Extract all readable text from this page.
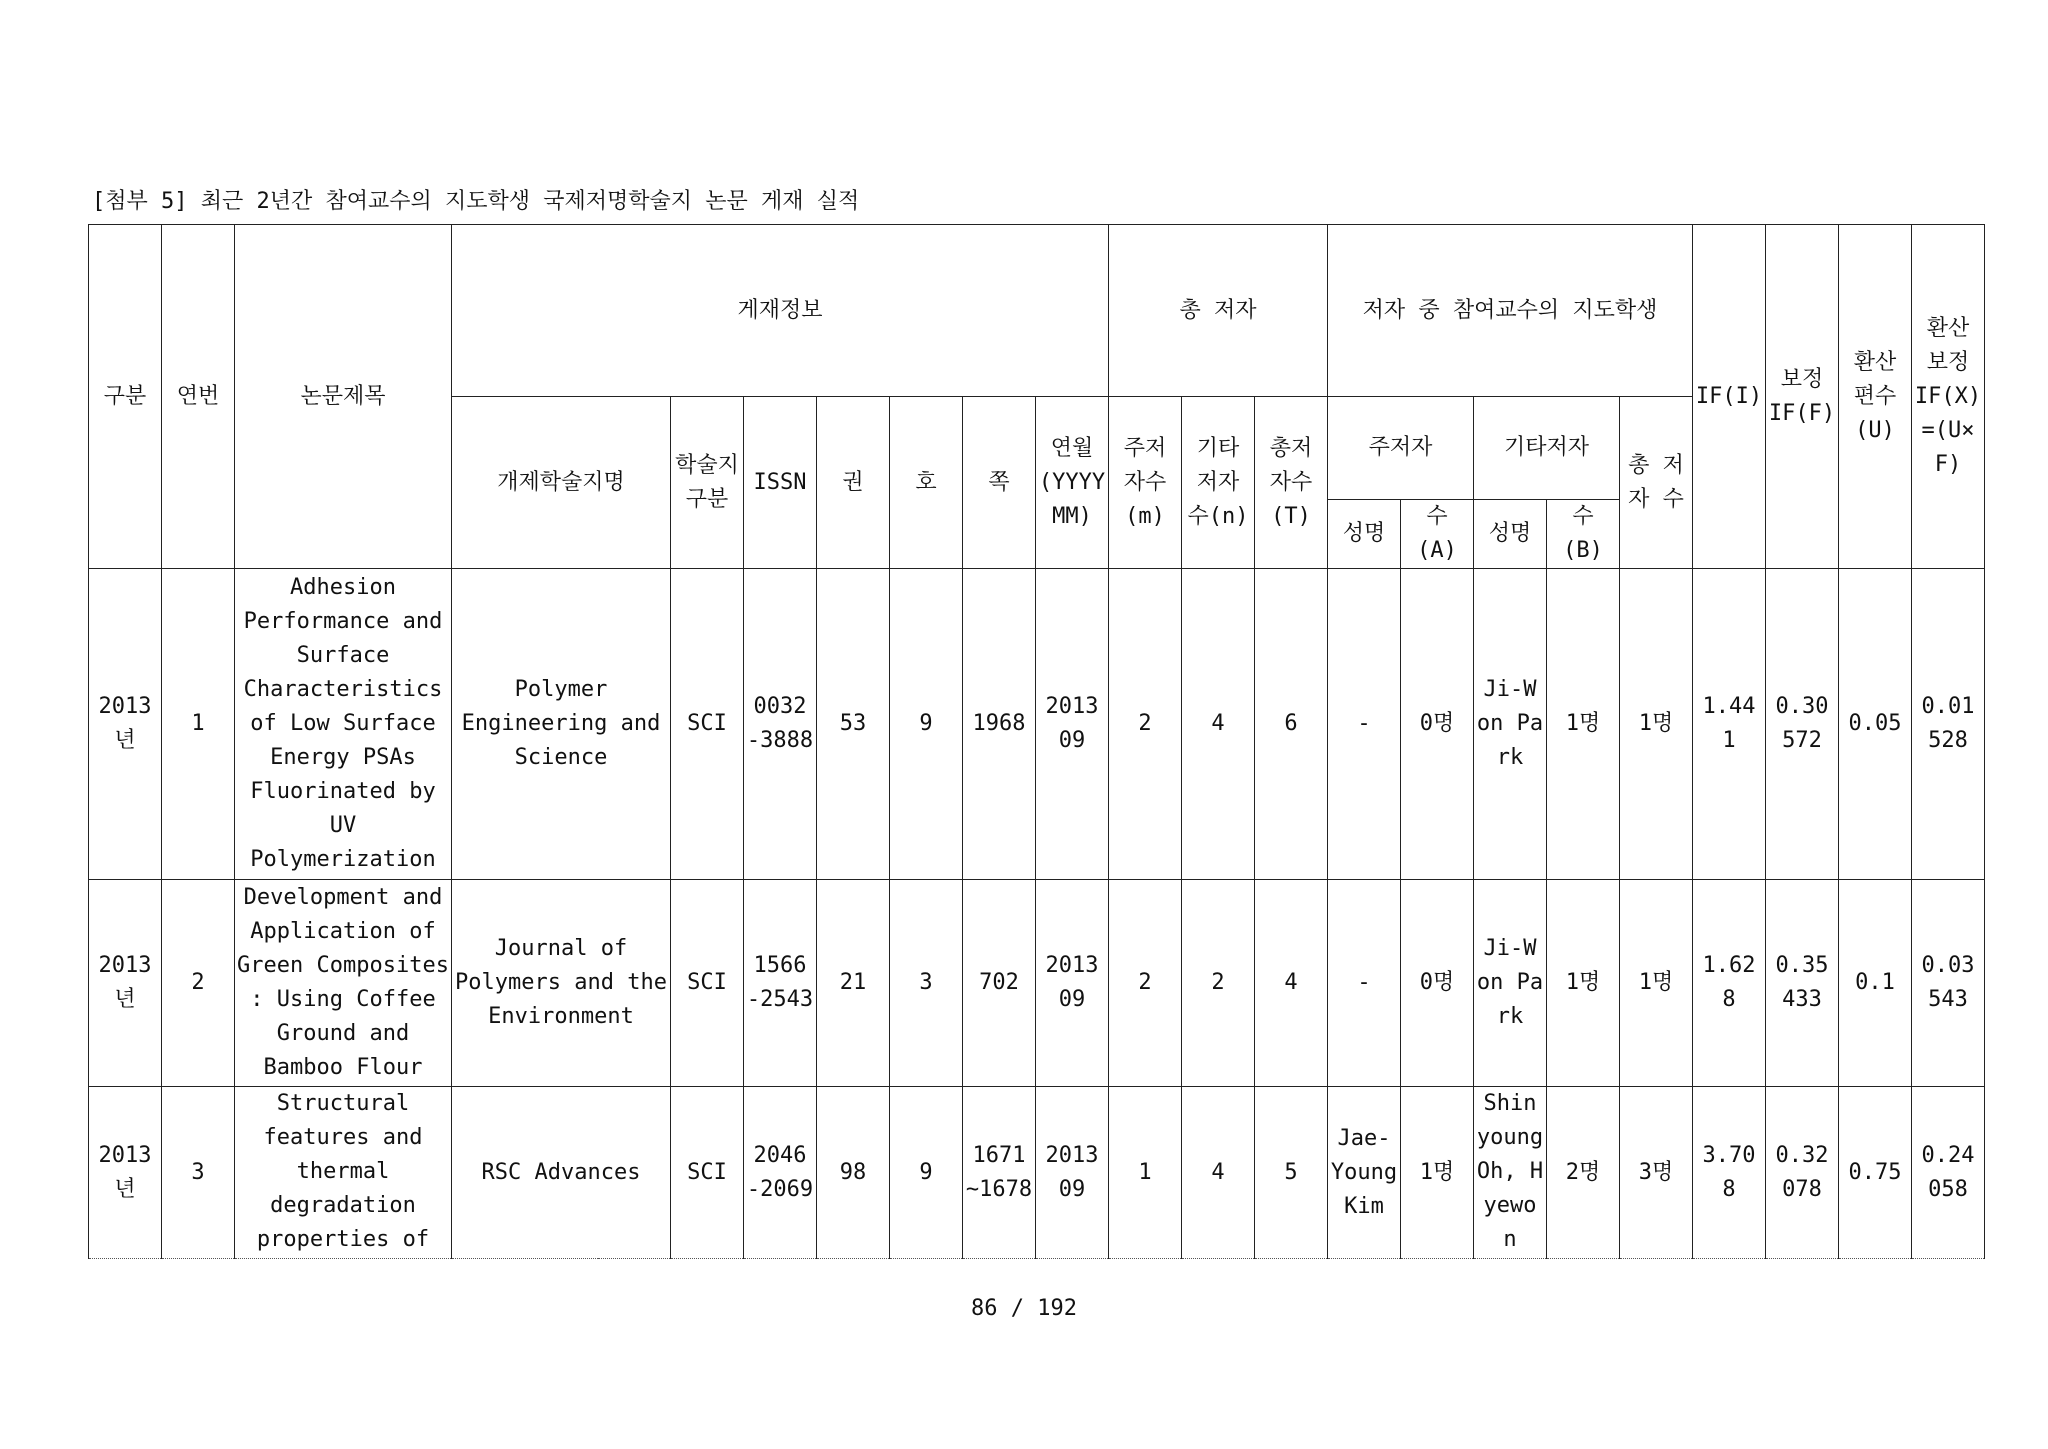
[첨부 5] 최근 2년간 참여교수의 지도학생 국제저명학술지 논문 게재 실적
구분	연번	논문제목	게재정보							총 저자			저자 중 참여교수의 지도학생					IF(I)	보정 IF(F)	환산 편수 (U)	환산 보정 IF(X) =(U× F)	
			개제학술지명	학술지 구분	ISSN	권	호	쪽	연월 (YYYY MM)	주저 자수 (m)	기타 저자 수(n)	총저 자수 (T)	주저자		기타저자		총 저자 수					
													성명	수 (A)	성명	수 (B)						
2013 년	1	Adhesion Performance and Surface Characteristics of Low Surface Energy PSAs Fluorinated by UV Polymerization	Polymer Engineering and Science	SCI	0032 -3888	53	9	1968	2013 09	2	4	6	-	0명	Ji-W on Park	1명	1명	1.44 1	0.30 572	0.05	0.01 528	
2013 년	2	Development and Application of Green Composites : Using Coffee Ground and Bamboo Flour	Journal of Polymers and the Environment	SCI	1566 -2543	21	3	702	2013 09	2	2	4	-	0명	Ji-W on Park	1명	1명	1.62 8	0.35 433	0.1	0.03 543	
2013 년	3	Structural features and thermal degradation properties of	RSC Advances	SCI	2046 -2069	98	9	1671 ~1678	2013 09	1	4	5	Jae- Young Kim	1명	Shin young Oh, Hyewo n	2명	3명	3.70 8	0.32 078	0.75	0.24 058	
86 / 192
